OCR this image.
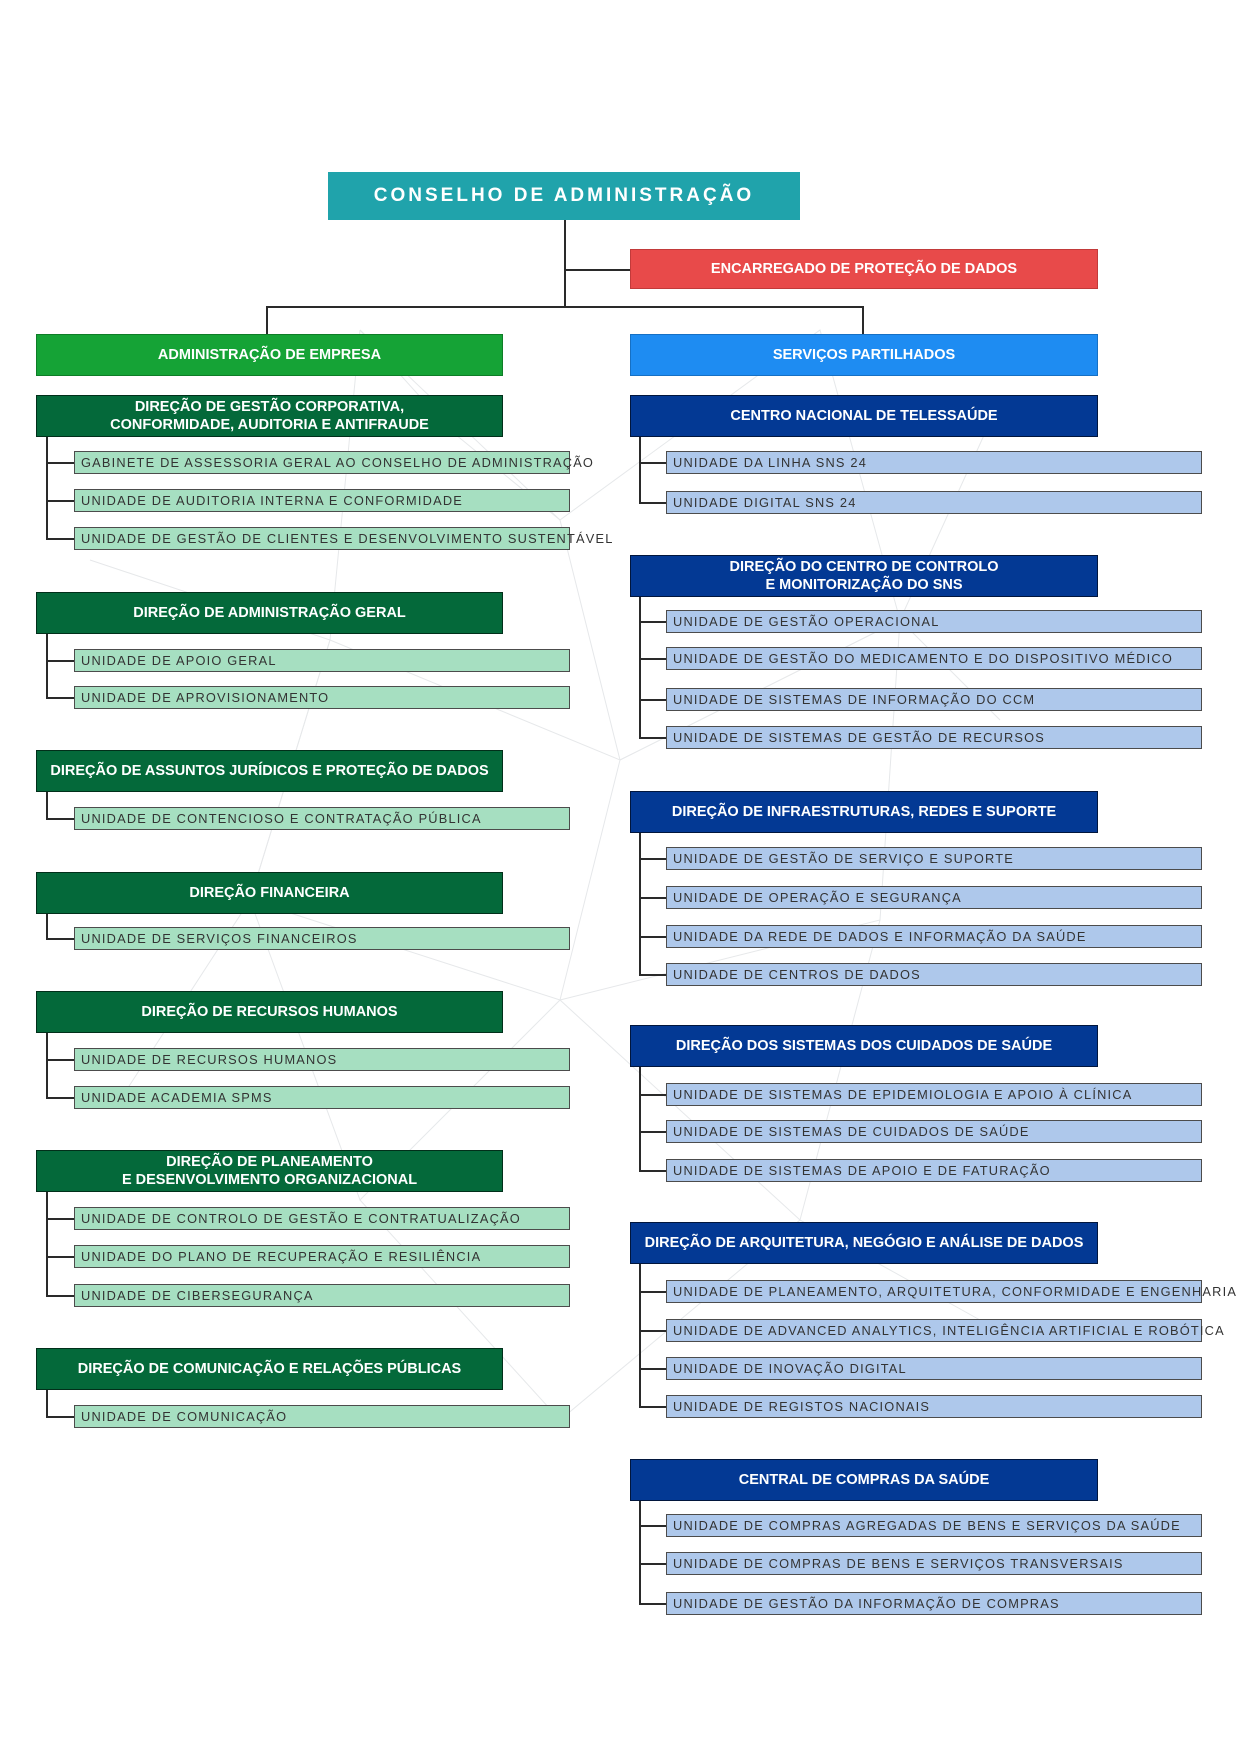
CONSELHO DE ADMINISTRAÇÃO
ENCARREGADO DE PROTEÇÃO DE DADOS
ADMINISTRAÇÃO DE EMPRESA	SERVIÇOS PARTILHADOS
DIREÇÃO DE GESTÃO CORPORATIVA,
CONFORMIDADE, AUDITORIA E ANTIFRAUDE
GABINETE DE ASSESSORIA GERAL AO CONSELHO DE ADMINISTRAÇÃO
UNIDADE DE AUDITORIA INTERNA E CONFORMIDADE
UNIDADE DE GESTÃO DE CLIENTES E DESENVOLVIMENTO SUSTENTÁVEL
DIREÇÃO DE ADMINISTRAÇÃO GERAL
UNIDADE DE APOIO GERAL
UNIDADE DE APROVISIONAMENTO
DIREÇÃO DE ASSUNTOS JURÍDICOS E PROTEÇÃO DE DADOS
UNIDADE DE CONTENCIOSO E CONTRATAÇÃO PÚBLICA
DIREÇÃO FINANCEIRA
UNIDADE DE SERVIÇOS FINANCEIROS
DIREÇÃO DE RECURSOS HUMANOS
UNIDADE DE RECURSOS HUMANOS
UNIDADE ACADEMIA SPMS
DIREÇÃO DE PLANEAMENTO
E DESENVOLVIMENTO ORGANIZACIONAL
UNIDADE DE CONTROLO DE GESTÃO E CONTRATUALIZAÇÃO
UNIDADE DO PLANO DE RECUPERAÇÃO E RESILIÊNCIA
UNIDADE DE CIBERSEGURANÇA
DIREÇÃO DE COMUNICAÇÃO E RELAÇÕES PÚBLICAS
UNIDADE DE COMUNICAÇÃO
CENTRO NACIONAL DE TELESSAÚDE
UNIDADE DA LINHA SNS 24
UNIDADE DIGITAL SNS 24
DIREÇÃO DO CENTRO DE CONTROLO
E MONITORIZAÇÃO DO SNS
UNIDADE DE GESTÃO OPERACIONAL
UNIDADE DE GESTÃO DO MEDICAMENTO E DO DISPOSITIVO MÉDICO
UNIDADE DE SISTEMAS DE INFORMAÇÃO DO CCM
UNIDADE DE SISTEMAS DE GESTÃO DE RECURSOS
DIREÇÃO DE INFRAESTRUTURAS, REDES E SUPORTE
UNIDADE DE GESTÃO DE SERVIÇO E SUPORTE
UNIDADE DE OPERAÇÃO E SEGURANÇA
UNIDADE DA REDE DE DADOS E INFORMAÇÃO DA SAÚDE
UNIDADE DE CENTROS DE DADOS
DIREÇÃO DOS SISTEMAS DOS CUIDADOS DE SAÚDE
UNIDADE DE SISTEMAS DE EPIDEMIOLOGIA E APOIO À CLÍNICA
UNIDADE DE SISTEMAS DE CUIDADOS DE SAÚDE
UNIDADE DE SISTEMAS DE APOIO E DE FATURAÇÃO
DIREÇÃO DE ARQUITETURA, NEGÓGIO E ANÁLISE DE DADOS
UNIDADE DE PLANEAMENTO, ARQUITETURA, CONFORMIDADE E ENGENHARIA
UNIDADE DE ADVANCED ANALYTICS, INTELIGÊNCIA ARTIFICIAL E ROBÓTICA
UNIDADE DE INOVAÇÃO DIGITAL
UNIDADE DE REGISTOS NACIONAIS
CENTRAL DE COMPRAS DA SAÚDE
UNIDADE DE COMPRAS AGREGADAS DE BENS E SERVIÇOS DA SAÚDE
UNIDADE DE COMPRAS DE BENS E SERVIÇOS TRANSVERSAIS
UNIDADE DE GESTÃO DA INFORMAÇÃO DE COMPRAS
